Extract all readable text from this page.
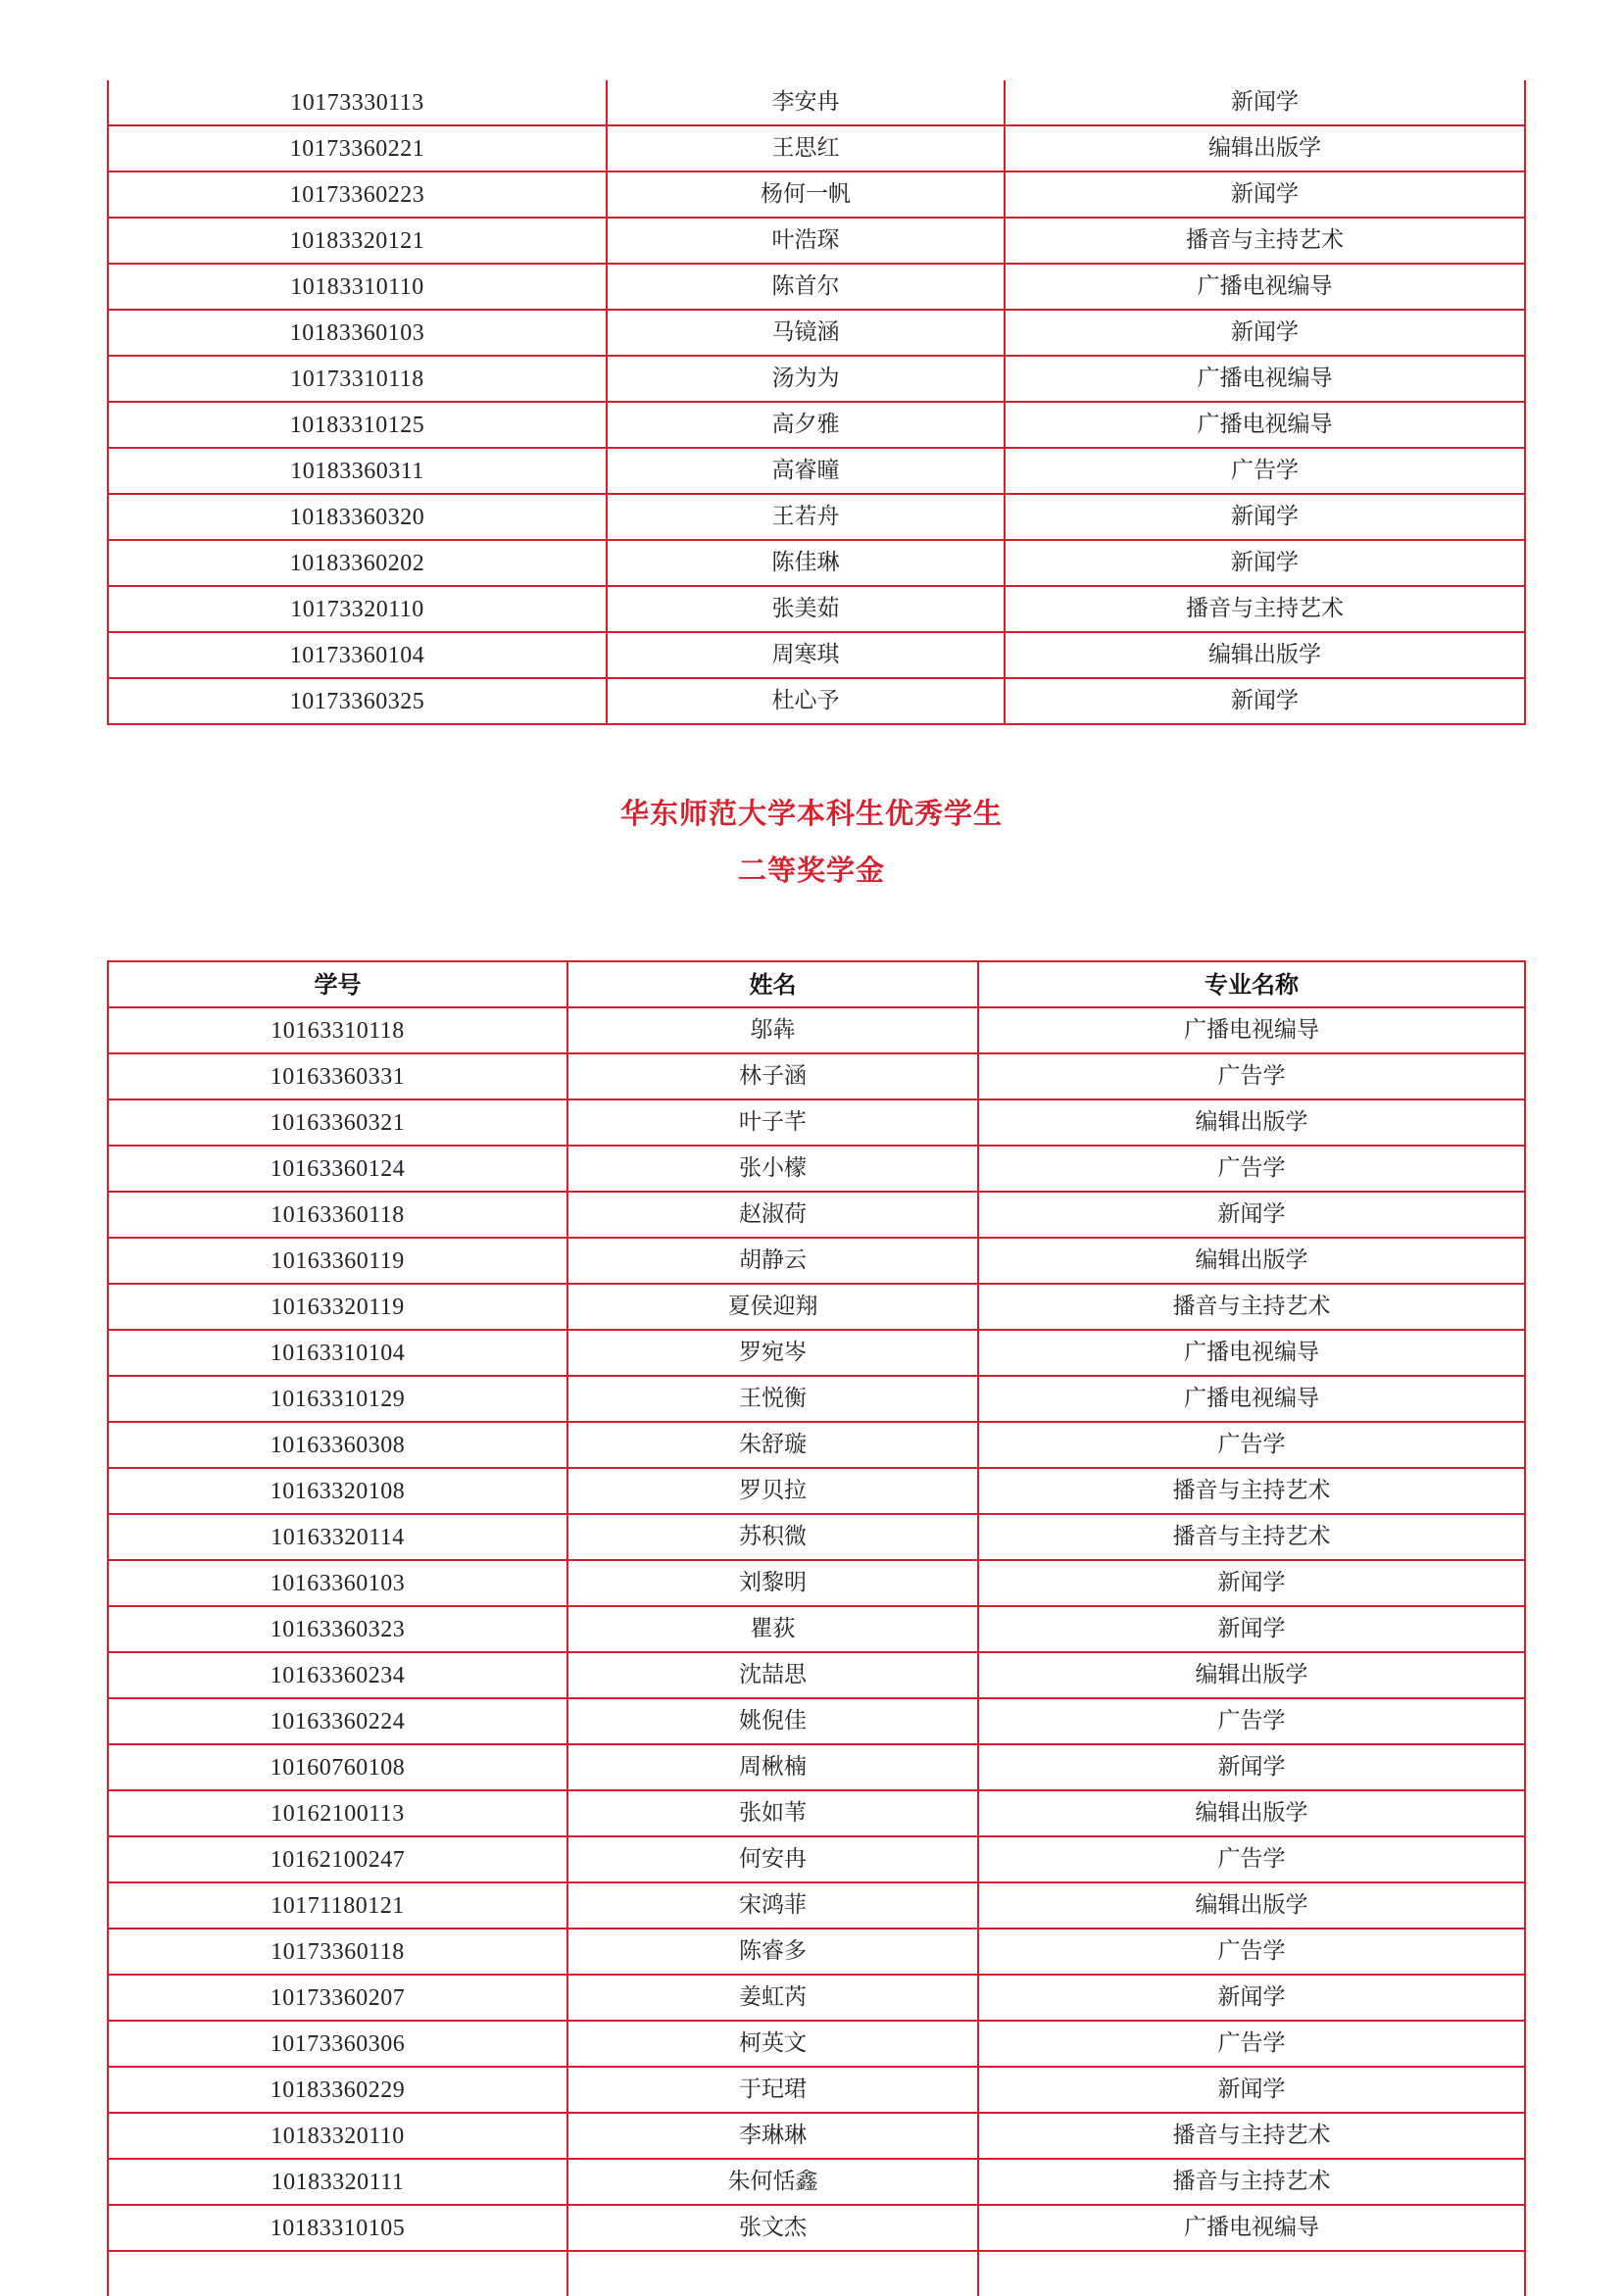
10173330113	李安冉	新闻学
10173360221	王思红	编辑出版学
10173360223	杨何一帆	新闻学
10183320121	叶浩琛	播音与主持艺术
10183310110	陈首尔	广播电视编导
10183360103	马镜涵	新闻学
10173310118	汤为为	广播电视编导
10183310125	高夕雅	广播电视编导
10183360311	高睿曈	广告学
10183360320	王若舟	新闻学
10183360202	陈佳琳	新闻学
10173320110	张美茹	播音与主持艺术
10173360104	周寒琪	编辑出版学
10173360325	杜心予	新闻学
华东师范大学本科生优秀学生
二等奖学金
学号	姓名	专业名称
10163310118	邬犇	广播电视编导
10163360331	林子涵	广告学
10163360321	叶子芊	编辑出版学
10163360124	张小檬	广告学
10163360118	赵淑荷	新闻学
10163360119	胡静云	编辑出版学
10163320119	夏侯迎翔	播音与主持艺术
10163310104	罗宛岑	广播电视编导
10163310129	王悦衡	广播电视编导
10163360308	朱舒璇	广告学
10163320108	罗贝拉	播音与主持艺术
10163320114	苏积微	播音与主持艺术
10163360103	刘黎明	新闻学
10163360323	瞿荻	新闻学
10163360234	沈喆思	编辑出版学
10163360224	姚倪佳	广告学
10160760108	周楸楠	新闻学
10162100113	张如苇	编辑出版学
10162100247	何安冉	广告学
10171180121	宋鸿菲	编辑出版学
10173360118	陈睿多	广告学
10173360207	姜虹芮	新闻学
10173360306	柯英文	广告学
10183360229	于玘珺	新闻学
10183320110	李琳琳	播音与主持艺术
10183320111	朱何恬鑫	播音与主持艺术
10183310105	张文杰	广播电视编导
